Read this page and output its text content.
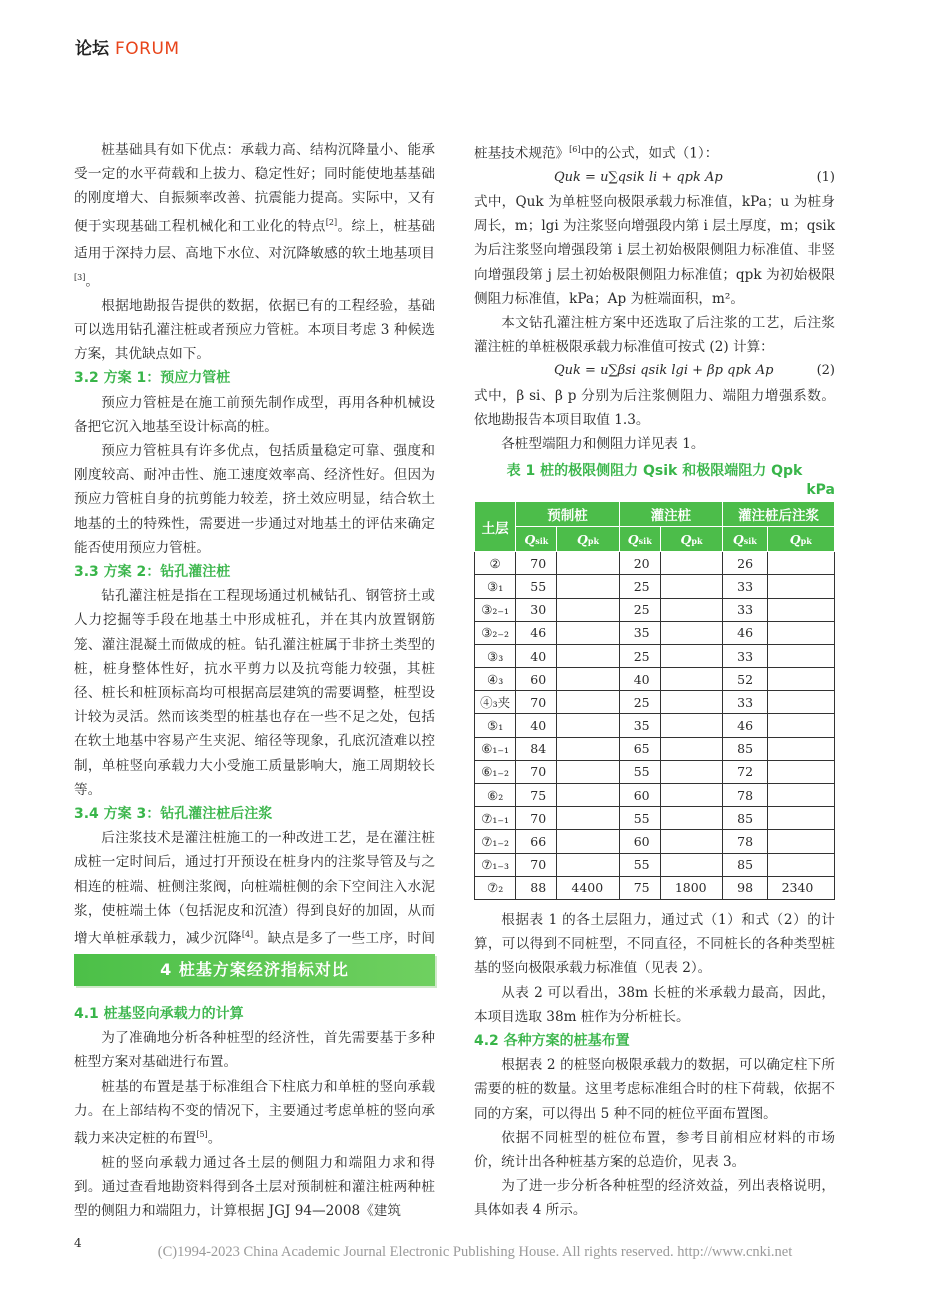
论坛 FORUM

桩基础具有如下优点：承载力高、结构沉降量小、能承受一定的水平荷载和上拔力、稳定性好；同时能使地基基础的刚度增大、自振频率改善、抗震能力提高。实际中，又有便于实现基础工程机械化和工业化的特点[2]。综上，桩基础适用于深持力层、高地下水位、对沉降敏感的软土地基项目[3]。

根据地勘报告提供的数据，依据已有的工程经验，基础可以选用钻孔灌注桩或者预应力管桩。本项目考虑 3 种候选方案，其优缺点如下。

3.2 方案 1：预应力管桩

预应力管桩是在施工前预先制作成型，再用各种机械设备把它沉入地基至设计标高的桩。

预应力管桩具有许多优点，包括质量稳定可靠、强度和刚度较高、耐冲击性、施工速度效率高、经济性好。但因为预应力管桩自身的抗剪能力较差，挤土效应明显，结合软土地基的土的特殊性，需要进一步通过对地基土的评估来确定能否使用预应力管桩。

3.3 方案 2：钻孔灌注桩

钻孔灌注桩是指在工程现场通过机械钻孔、钢管挤土或人力挖掘等手段在地基土中形成桩孔，并在其内放置钢筋笼、灌注混凝土而做成的桩。钻孔灌注桩属于非挤土类型的桩，桩身整体性好，抗水平剪力以及抗弯能力较强，其桩径、桩长和桩顶标高均可根据高层建筑的需要调整，桩型设计较为灵活。然而该类型的桩基也存在一些不足之处，包括在软土地基中容易产生夹泥、缩径等现象，孔底沉渣难以控制，单桩竖向承载力大小受施工质量影响大，施工周期较长等。

3.4 方案 3：钻孔灌注桩后注浆

后注浆技术是灌注桩施工的一种改进工艺，是在灌注桩成桩一定时间后，通过打开预设在桩身内的注浆导管及与之相连的桩端、桩侧注浆阀，向桩端桩侧的余下空间注入水泥浆，使桩端土体（包括泥皮和沉渣）得到良好的加固，从而增大单桩承载力，减少沉降[4]。缺点是多了一些工序，时间

4 桩基方案经济指标对比

4.1 桩基竖向承载力的计算

为了准确地分析各种桩型的经济性，首先需要基于多种桩型方案对基础进行布置。

桩基的布置是基于标准组合下柱底力和单桩的竖向承载力。在上部结构不变的情况下，主要通过考虑单桩的竖向承载力来决定桩的布置[5]。

桩的竖向承载力通过各土层的侧阻力和端阻力求和得到。通过查看地勘资料得到各土层对预制桩和灌注桩两种桩型的侧阻力和端阻力，计算根据 JGJ 94—2008《建筑

桩基技术规范》[6]中的公式，如式（1）：

Quk = u∑qsik li + qpk Ap	(1)

式中，Quk 为单桩竖向极限承载力标准值，kPa；u 为桩身周长，m；lgi 为注浆竖向增强段内第 i 层土厚度，m；qsik 为后注浆竖向增强段第 i 层土初始极限侧阻力标准值、非竖向增强段第 j 层土初始极限侧阻力标准值；qpk 为初始极限侧阻力标准值，kPa；Ap 为桩端面积，m²。

本文钻孔灌注桩方案中还选取了后注浆的工艺，后注浆灌注桩的单桩极限承载力标准值可按式 (2) 计算：

Quk = u∑βsi qsik lgi + βp qpk Ap	(2)

式中，β si、β p 分别为后注浆侧阻力、端阻力增强系数。依地勘报告本项目取值 1.3。

各桩型端阻力和侧阻力详见表 1。

表 1 桩的极限侧阻力 Qsik 和极限端阻力 Qpk
kPa
土层	预制桩		灌注桩		灌注桩后注浆	
	Qsik	Qpk	Qsik	Qpk	Qsik	Qpk
②	70		20		26	
③₁	55		25		33	
③₂₋₁	30		25		33	
③₂₋₂	46		35		46	
③₃	40		25		33	
④₃	60		40		52	
④₃夹	70		25		33	
⑤₁	40		35		46	
⑥₁₋₁	84		65		85	
⑥₁₋₂	70		55		72	
⑥₂	75		60		78	
⑦₁₋₁	70		55		85	
⑦₁₋₂	66		60		78	
⑦₁₋₃	70		55		85	
⑦₂	88	4400	75	1800	98	2340

根据表 1 的各土层阻力，通过式（1）和式（2）的计算，可以得到不同桩型，不同直径，不同桩长的各种类型桩基的竖向极限承载力标准值（见表 2）。

从表 2 可以看出，38m 长桩的米承载力最高，因此，本项目选取 38m 桩作为分析桩长。

4.2 各种方案的桩基布置

根据表 2 的桩竖向极限承载力的数据，可以确定柱下所需要的桩的数量。这里考虑标准组合时的柱下荷载，依据不同的方案，可以得出 5 种不同的桩位平面布置图。

依据不同桩型的桩位布置，参考目前相应材料的市场价，统计出各种桩基方案的总造价，见表 3。

为了进一步分析各种桩型的经济效益，列出表格说明，具体如表 4 所示。

4
(C)1994-2023 China Academic Journal Electronic Publishing House. All rights reserved. http://www.cnki.net
